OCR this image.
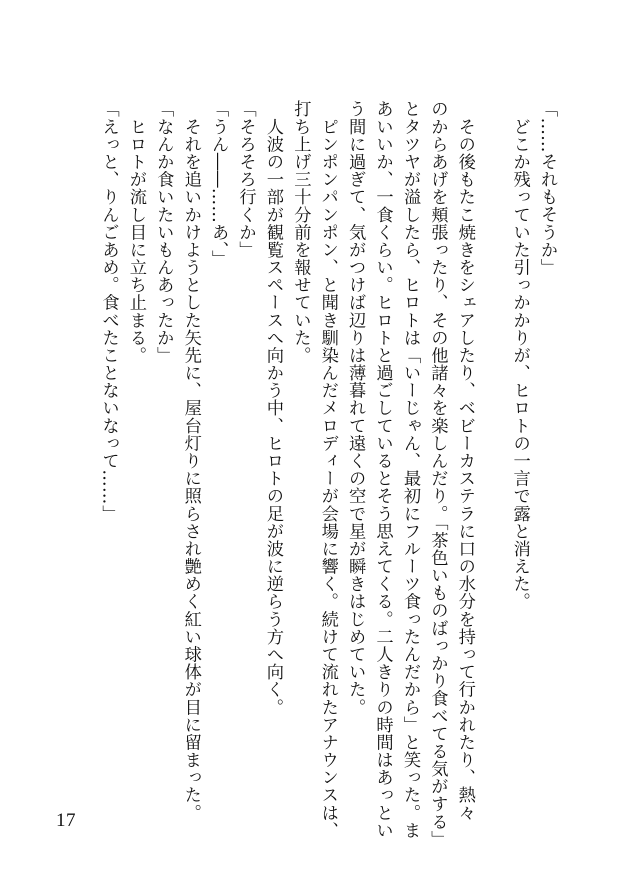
「……それもそうか」
　どこか残っていた引っかかりが、ヒロトの一言で露と消えた。
　その後もたこ焼きをシェアしたり、ベビーカステラに口の水分を持って行かれたり、熱々
のからあげを頬張ったり、その他諸々を楽しんだり。「茶色いものばっかり食べてる気がする」
とタツヤが溢したら、ヒロトは「いーじゃん、最初にフルーツ食ったんだから」と笑った。ま
あいいか、一食くらい。ヒロトと過ごしているとそう思えてくる。二人きりの時間はあっとい
う間に過ぎて、気がつけば辺りは薄暮れて遠くの空で星が瞬きはじめていた。
　ピンポンパンポン、と聞き馴染んだメロディーが会場に響く。続けて流れたアナウンスは、
打ち上げ三十分前を報せていた。
　人波の一部が観覧スペースへ向かう中、ヒロトの足が波に逆らう方へ向く。
「そろそろ行くか」
「うん――……あ、」
　それを追いかけようとした矢先に、屋台灯りに照らされ艶めく紅い球体が目に留まった。
「なんか食いたいもんあったか」
　ヒロトが流し目に立ち止まる。
「えっと、りんごあめ。食べたことないなって……」
17
